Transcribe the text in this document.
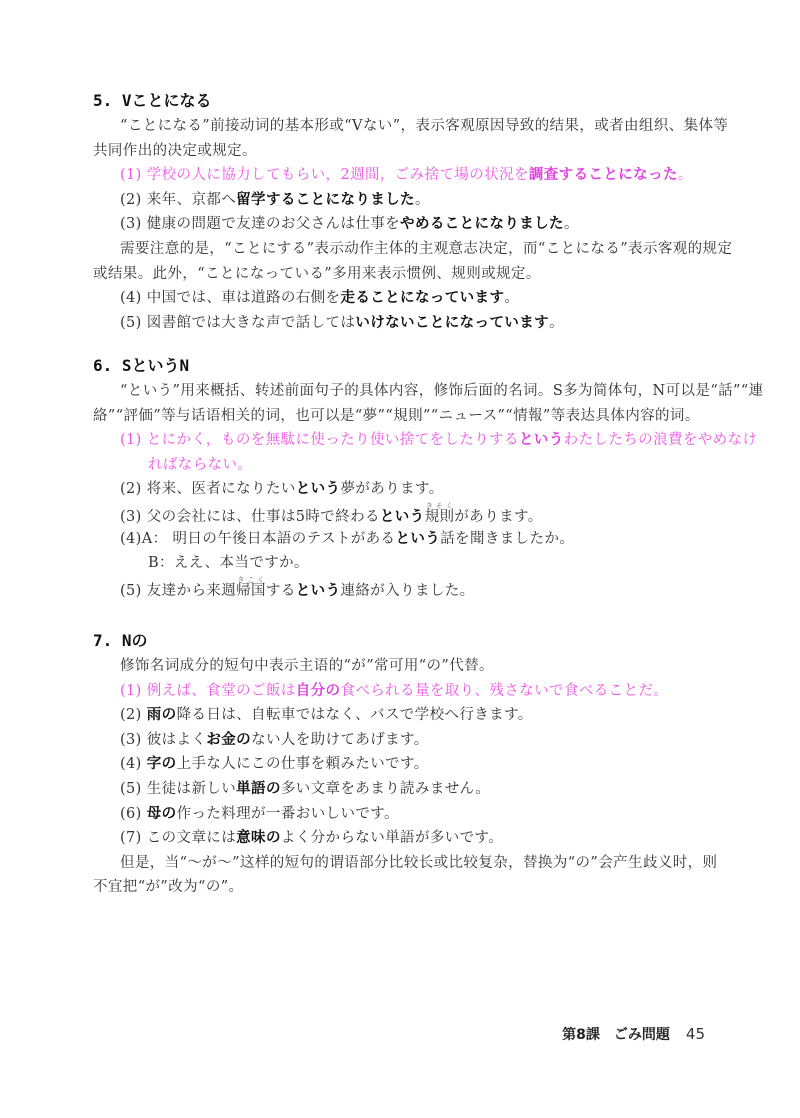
5. Vことになる
“ことになる”前接动词的基本形或“Vない”，表示客观原因导致的结果，或者由组织、集体等
共同作出的决定或规定。
(1) 学校の人に協力してもらい，2週間，ごみ捨て場の状況を調査することになった。
(2) 来年、京都へ留学することになりました。
(3) 健康の問題で友達のお父さんは仕事をやめることになりました。
需要注意的是，“ことにする”表示动作主体的主观意志决定，而“ことになる”表示客观的规定
或结果。此外，“ことになっている”多用来表示惯例、规则或规定。
(4) 中国では、車は道路の右側を走ることになっています。
(5) 図書館では大きな声で話してはいけないことになっています。
6. SというN
“という”用来概括、转述前面句子的具体内容，修饰后面的名词。S多为简体句，N可以是“話”“連
絡”“評価”等与话语相关的词，也可以是“夢”“規則”“ニュース”“情報”等表达具体内容的词。
(1) とにかく，ものを無駄に使ったり使い捨てをしたりするというわたしたちの浪費をやめなけ
ればならない。
(2) 将来、医者になりたいという夢があります。
(3) 父の会社には、仕事は5時で終わるという規則きそくがあります。
(4)A： 明日の午後日本語のテストがあるという話を聞きましたか。
B：ええ、本当ですか。
(5) 友達から来週帰国きこくするという連絡が入りました。
7. Nの
修饰名词成分的短句中表示主语的“が”常可用“の”代替。
(1) 例えば、食堂のご飯は自分の食べられる量を取り、残さないで食べることだ。
(2) 雨の降る日は、自転車ではなく、バスで学校へ行きます。
(3) 彼はよくお金のない人を助けてあげます。
(4) 字の上手な人にこの仕事を頼みたいです。
(5) 生徒は新しい単語の多い文章をあまり読みません。
(6) 母の作った料理が一番おいしいです。
(7) この文章には意味のよく分からない単語が多いです。
但是，当“～が～”这样的短句的谓语部分比较长或比较复杂，替换为“の”会产生歧义时，则
不宜把“が”改为“の”。
第8課　ごみ問題 45
